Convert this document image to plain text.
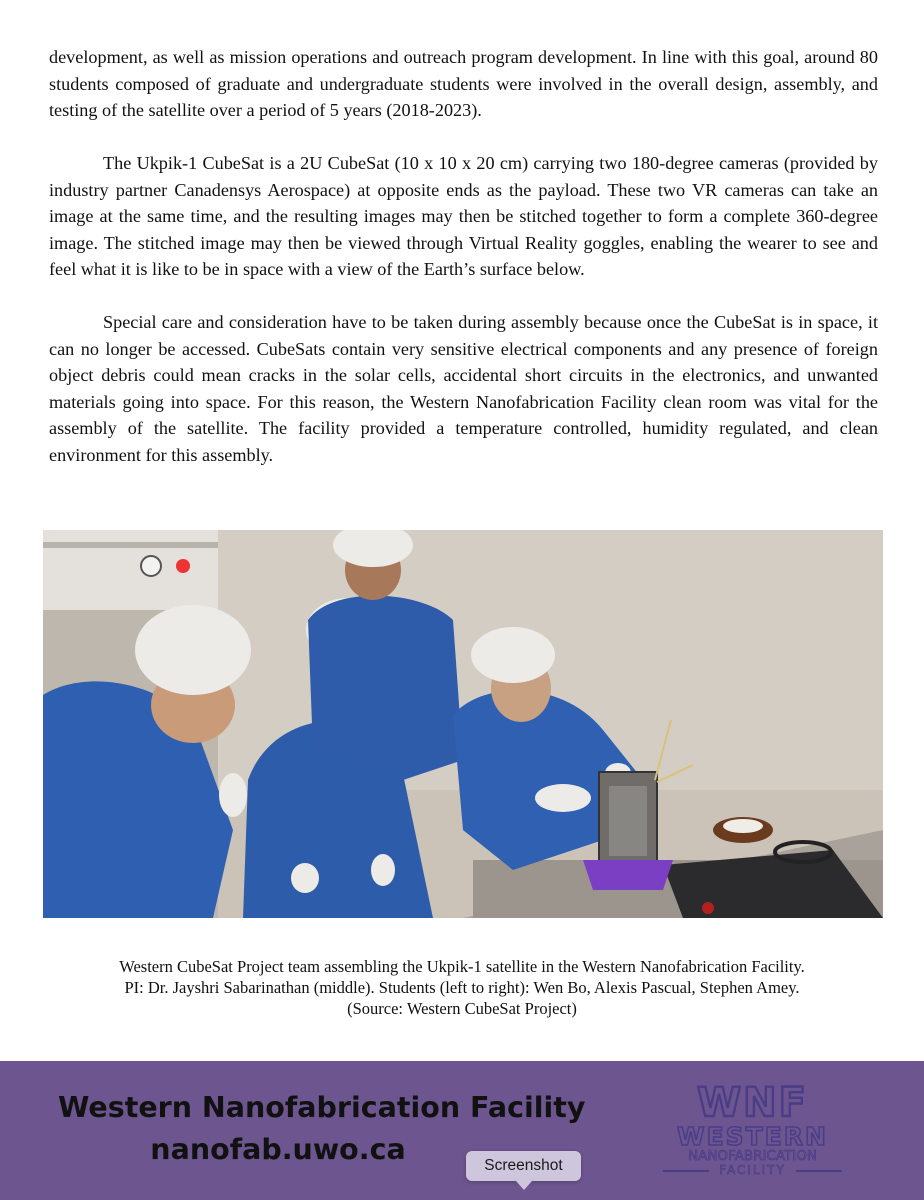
development, as well as mission operations and outreach program development. In line with this goal, around 80 students composed of graduate and undergraduate students were involved in the overall design, assembly, and testing of the satellite over a period of 5 years (2018-2023).

The Ukpik-1 CubeSat is a 2U CubeSat (10 x 10 x 20 cm) carrying two 180-degree cameras (provided by industry partner Canadensys Aerospace) at opposite ends as the payload. These two VR cameras can take an image at the same time, and the resulting images may then be stitched together to form a complete 360-degree image. The stitched image may then be viewed through Virtual Reality goggles, enabling the wearer to see and feel what it is like to be in space with a view of the Earth’s surface below.

Special care and consideration have to be taken during assembly because once the CubeSat is in space, it can no longer be accessed. CubeSats contain very sensitive electrical components and any presence of foreign object debris could mean cracks in the solar cells, accidental short circuits in the electronics, and unwanted materials going into space. For this reason, the Western Nanofabrication Facility clean room was vital for the assembly of the satellite. The facility provided a temperature controlled, humidity regulated, and clean environment for this assembly.

Western CubeSat Project team assembling the Ukpik-1 satellite in the Western Nanofabrication Facility.
PI: Dr. Jayshri Sabarinathan (middle). Students (left to right): Wen Bo, Alexis Pascual, Stephen Amey.
(Source: Western CubeSat Project)
Western Nanofabrication Facility
nanofab.uwo.ca
WNF
WESTERN
NANOFABRICATION
FACILITY
Screenshot
